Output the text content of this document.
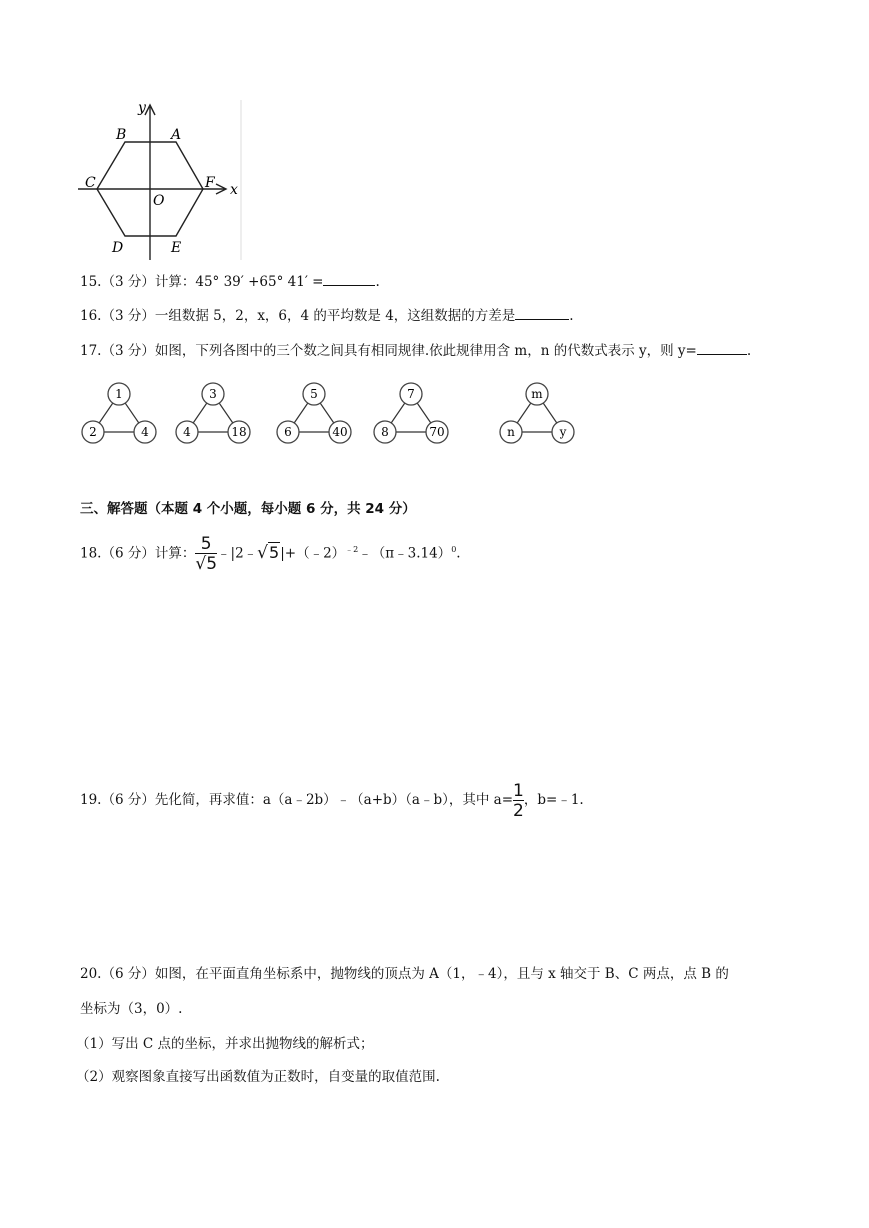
y
x
A
B
C
D	E
F
O
15.（3 分）计算：45° 39′ +65° 41′ =	.
16.（3 分）一组数据 5，2，x，6，4 的平均数是 4，这组数据的方差是	.
17.（3 分）如图，下列各图中的三个数之间具有相同规律.依此规律用含 m，n 的代数式表示 y，则 y=	.
1
2	4
3
4	18
5
6	40
7
8	70
m
n	y
三、解答题（本题 4 个小题，每小题 6 分，共 24 分）
18.（6 分）计算： $\frac{5}{√5}$ ﹣|2﹣√5|+（﹣2）$^{﹣2}$﹣（π﹣3.14）$^0$.
19.（6 分）先化简，再求值：a（a﹣2b）﹣（a+b）（a﹣b），其中 $a= \frac{1}{2}$ ，b=﹣1.
20.（6 分）如图，在平面直角坐标系中，抛物线的顶点为 A（1，﹣4），且与 x 轴交于 B、C 两点，点 B 的
坐标为（3，0）.
（1）写出 C 点的坐标，并求出抛物线的解析式；
（2）观察图象直接写出函数值为正数时，自变量的取值范围.
